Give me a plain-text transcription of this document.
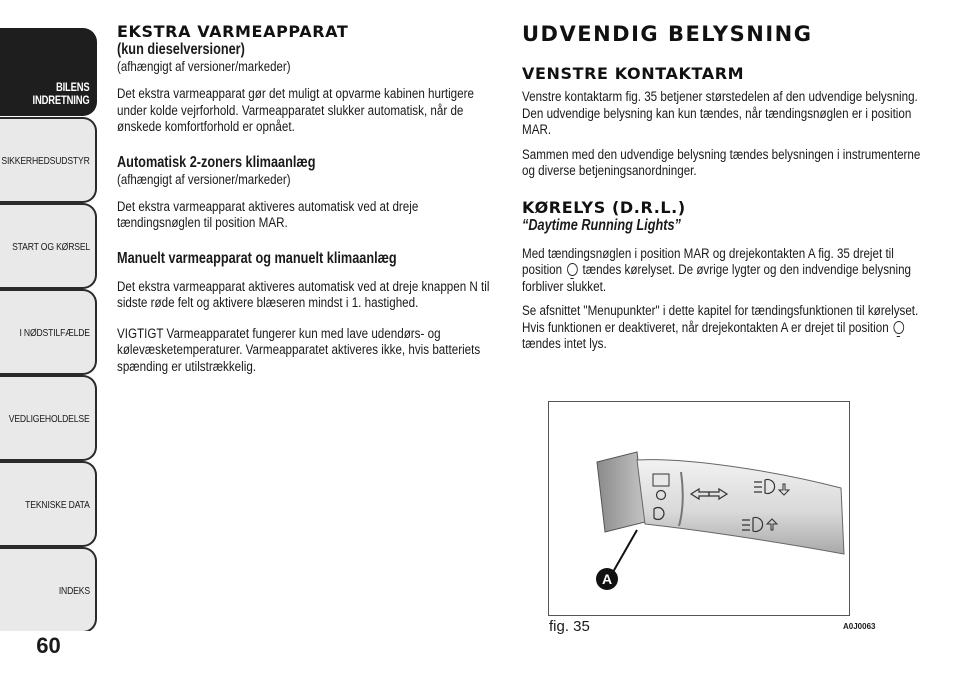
BILENS
INDRETNING
SIKKERHEDSUDSTYR
START OG KØRSEL
I NØDSTILFÆLDE
VEDLIGEHOLDELSE
TEKNISKE DATA
INDEKS
60
EKSTRA VARMEAPPARAT

(kun dieselversioner)

(afhængigt af versioner/markeder)

Det ekstra varmeapparat gør det muligt at opvarme kabinen hurtigere under kolde vejrforhold. Varmeapparatet slukker automatisk, når de ønskede komfortforhold er opnået.

Automatisk 2-zoners klimaanlæg

(afhængigt af versioner/markeder)

Det ekstra varmeapparat aktiveres automatisk ved at dreje tændingsnøglen til position MAR.

Manuelt varmeapparat og manuelt klimaanlæg

Det ekstra varmeapparat aktiveres automatisk ved at dreje knappen N til sidste røde felt og aktivere blæseren mindst i 1. hastighed.

VIGTIGT Varmeapparatet fungerer kun med lave udendørs- og kølevæsketemperaturer. Varmeapparatet aktiveres ikke, hvis batteriets spænding er utilstrækkelig.

UDVENDIG BELYSNING
VENSTRE KONTAKTARM

Venstre kontaktarm fig. 35 betjener størstedelen af den udvendige belysning. Den udvendige belysning kan kun tændes, når tændingsnøglen er i position MAR.

Sammen med den udvendige belysning tændes belysningen i instrumenterne og diverse betjeningsanordninger.

KØRELYS (D.R.L.)

“Daytime Running Lights”

Med tændingsnøglen i position MAR og drejekontakten A fig. 35 drejet til position tændes kørelyset. De øvrige lygter og den indvendige belysning forbliver slukket.

Se afsnittet "Menupunkter" i dette kapitel for tændingsfunktionen til kørelyset. Hvis funktionen er deaktiveret, når drejekontakten A er drejet til position  tændes intet lys.

A
fig. 35	A0J0063
